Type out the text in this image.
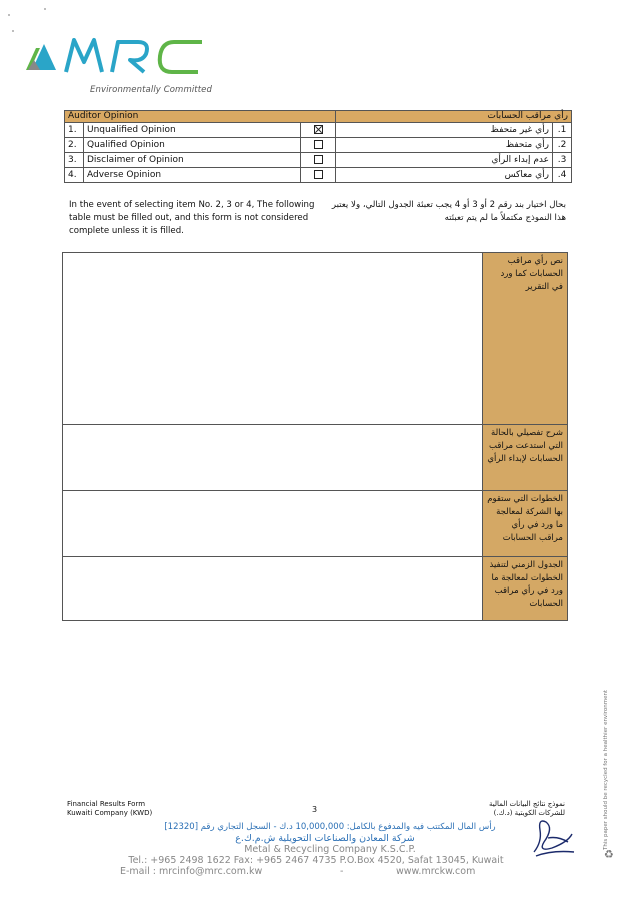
MRC
Environmentally Committed
Auditor Opinion			رأي مراقب الحسابات	
1.	Unqualified Opinion		رأي غير متحفظ	.1
2.	Qualified Opinion		رأي متحفظ	.2
3.	Disclaimer of Opinion		عدم إبداء الرأي	.3
4.	Adverse Opinion		رأي معاكس	.4
In the event of selecting item No. 2, 3 or 4, The following table must be filled out, and this form is not considered complete unless it is filled.
بحال اختيار بند رقم 2 أو 3 أو 4 يجب تعبئة الجدول التالي، ولا يعتبر هذا النموذج مكتملاً ما لم يتم تعبئته
	نص رأي مراقب الحسابات كما ورد في التقرير
	شرح تفصيلي بالحالة التي استدعت مراقب الحسابات لإبداء الرأي
	الخطوات التي ستقوم بها الشركة لمعالجة ما ورد في رأي مراقب الحسابات
	الجدول الزمني لتنفيذ الخطوات لمعالجة ما ورد في رأي مراقب الحسابات
Financial Results Form
Kuwaiti Company (KWD)	3
نموذج نتائج البيانات المالية
للشركات الكويتية (د.ك.)
رأس المال المكتتب فيه والمدفوع بالكامل: 10,000,000 د.ك - السجل التجاري رقم [12320]
Metal & Recycling Company K.S.C.P.
Tel.: +965 2498 1622 Fax: +965 2467 4735 P.O.Box 4520, Safat 13045, Kuwait
E-mail : mrcinfo@mrc.com.kw	-	www.mrckw.com
This paper should be recycled for a healthier environment
♻
شركة المعادن والصناعات التحويلية ش.م.ك.ع
